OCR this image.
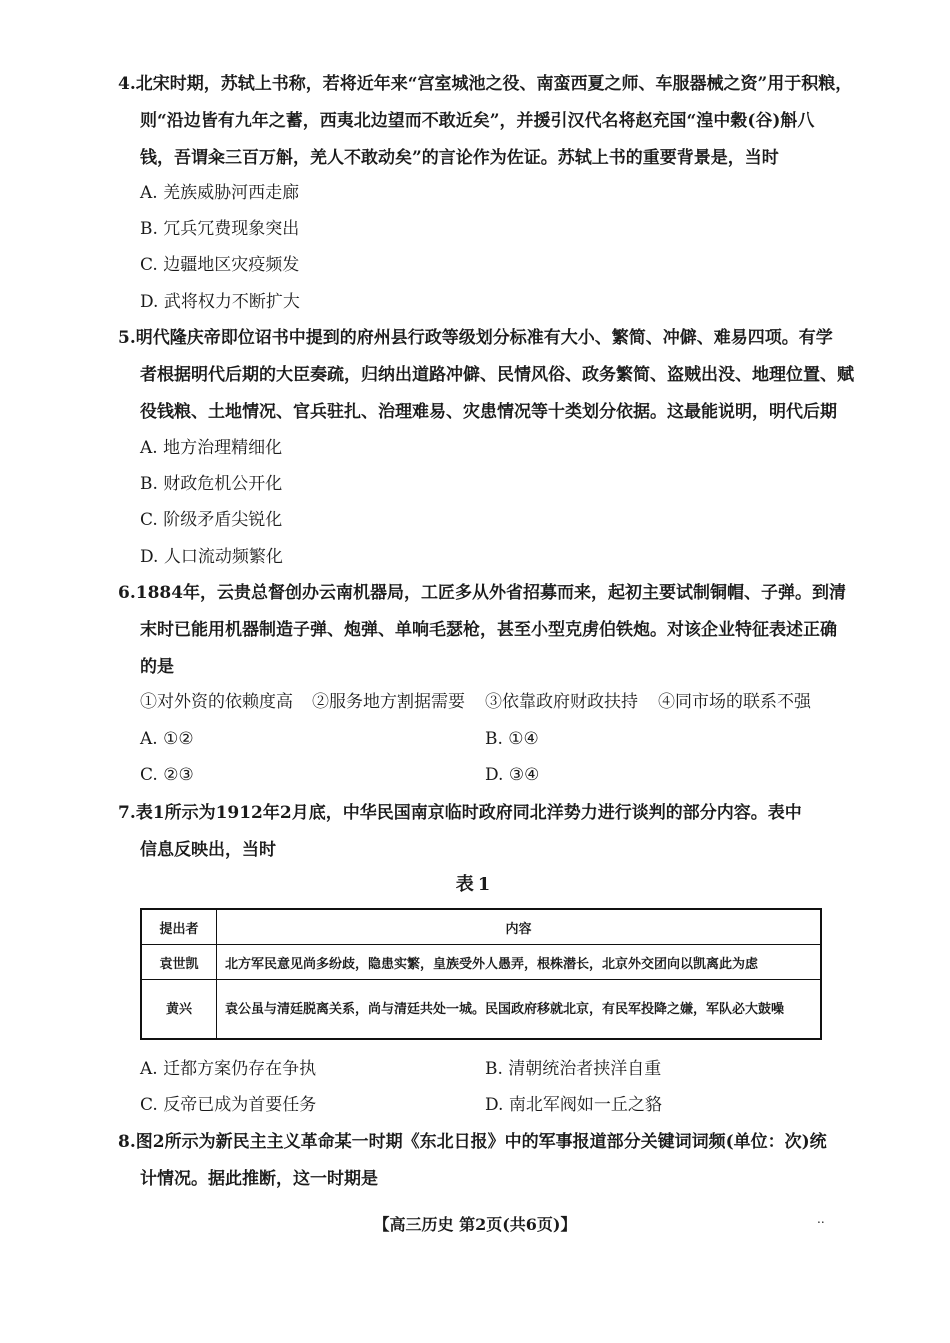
4.北宋时期，苏轼上书称，若将近年来“宫室城池之役、南蛮西夏之师、车服器械之资”用于积粮，
则“沿边皆有九年之蓄，西夷北边望而不敢近矣”，并援引汉代名将赵充国“湟中穀(谷)斛八
钱，吾谓籴三百万斛，羌人不敢动矣”的言论作为佐证。苏轼上书的重要背景是，当时
A. 羌族威胁河西走廊
B. 冗兵冗费现象突出
C. 边疆地区灾疫频发
D. 武将权力不断扩大
5.明代隆庆帝即位诏书中提到的府州县行政等级划分标准有大小、繁简、冲僻、难易四项。有学
者根据明代后期的大臣奏疏，归纳出道路冲僻、民情风俗、政务繁简、盗贼出没、地理位置、赋
役钱粮、土地情况、官兵驻扎、治理难易、灾患情况等十类划分依据。这最能说明，明代后期
A. 地方治理精细化
B. 财政危机公开化
C. 阶级矛盾尖锐化
D. 人口流动频繁化
6.1884年，云贵总督创办云南机器局，工匠多从外省招募而来，起初主要试制铜帽、子弹。到清
末时已能用机器制造子弹、炮弹、单响毛瑟枪，甚至小型克虏伯铁炮。对该企业特征表述正确
的是
①对外资的依赖度高 ②服务地方割据需要 ③依靠政府财政扶持 ④同市场的联系不强
A. ①②	B. ①④
C. ②③	D. ③④
7.表1所示为1912年2月底，中华民国南京临时政府同北洋势力进行谈判的部分内容。表中
信息反映出，当时
表1
提出者	内容
袁世凯	北方军民意见尚多纷歧，隐患实繁，皇族受外人愚弄，根株潜长，北京外交团向以凯离此为虑
黄兴	袁公虽与清廷脱离关系，尚与清廷共处一城。民国政府移就北京，有民军投降之嫌，军队必大鼓噪
A. 迁都方案仍存在争执	B. 清朝统治者挟洋自重
C. 反帝已成为首要任务	D. 南北军阀如一丘之貉
8.图2所示为新民主主义革命某一时期《东北日报》中的军事报道部分关键词词频(单位：次)统
计情况。据此推断，这一时期是
【高三历史 第2页(共6页)】	..
